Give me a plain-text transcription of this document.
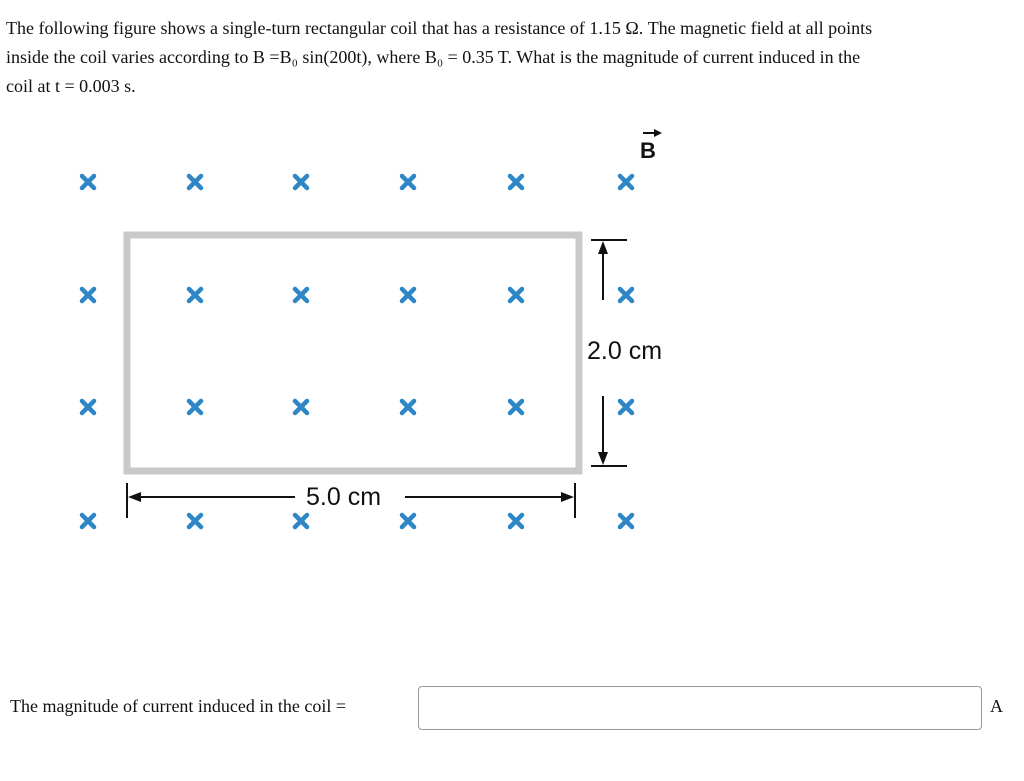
The following figure shows a single-turn rectangular coil that has a resistance of 1.15 Ω. The magnetic field at all points

inside the coil varies according to B =B₀ sin(200t), where B₀ = 0.35 T. What is the magnitude of current induced in the

coil at t = 0.003 s.

B
2.0 cm
5.0 cm
The magnitude of current induced in the coil =	A
